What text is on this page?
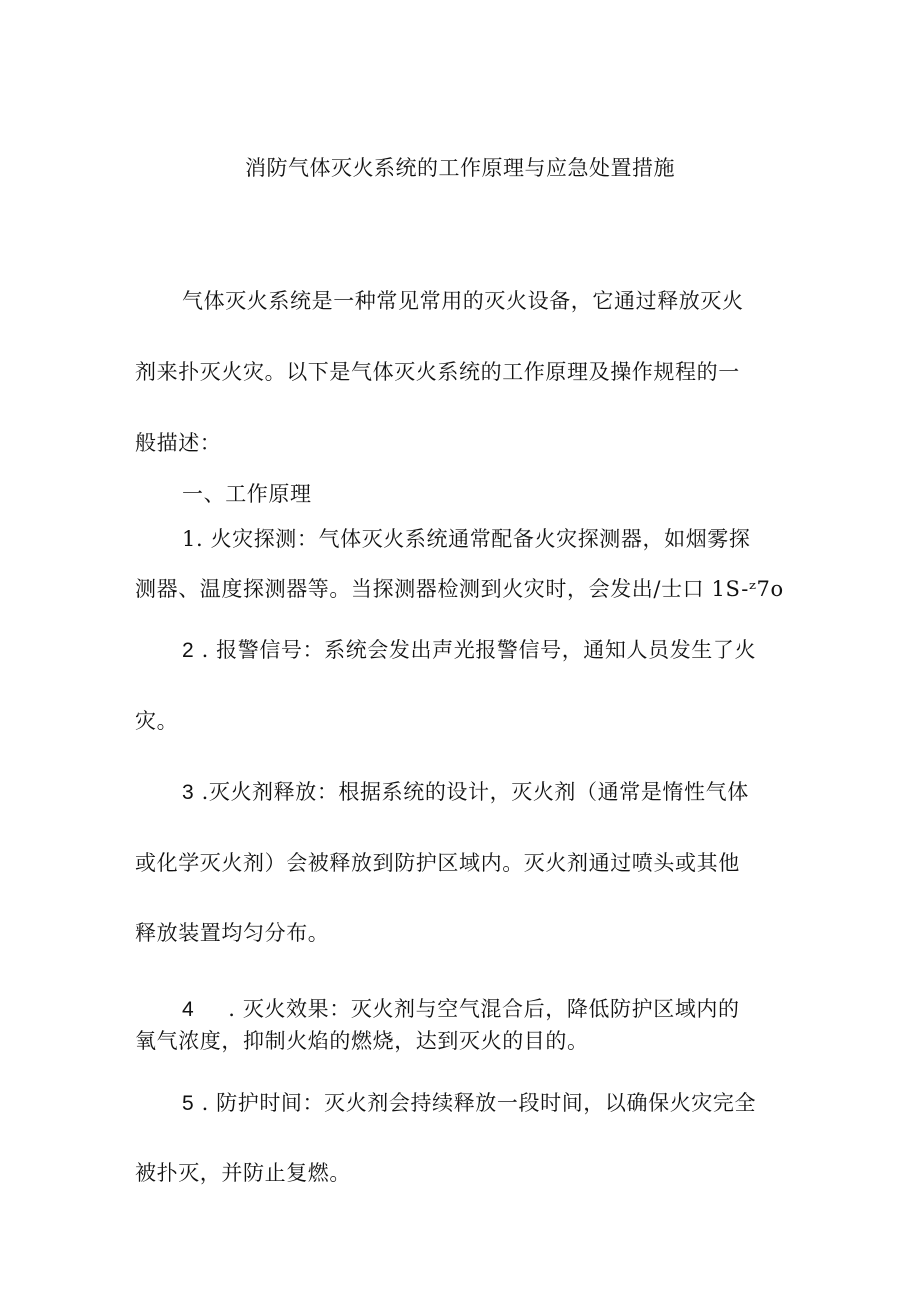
消防气体灭火系统的工作原理与应急处置措施
气体灭火系统是一种常见常用的灭火设备，它通过释放灭火
剂来扑灭火灾。以下是气体灭火系统的工作原理及操作规程的一
般描述：
一、工作原理
1. 火灾探测：气体灭火系统通常配备火灾探测器，如烟雾探
测器、温度探测器等。当探测器检测到火灾时，会发出/士口 1S-ᶻ7o
2 . 报警信号：系统会发出声光报警信号，通知人员发生了火
灾。
3 .灭火剂释放：根据系统的设计，灭火剂（通常是惰性气体
或化学灭火剂）会被释放到防护区域内。灭火剂通过喷头或其他
释放装置均匀分布。
4 . 灭火效果：灭火剂与空气混合后，降低防护区域内的
氧气浓度，抑制火焰的燃烧，达到灭火的目的。
5 . 防护时间：灭火剂会持续释放一段时间，以确保火灾完全
被扑灭，并防止复燃。
